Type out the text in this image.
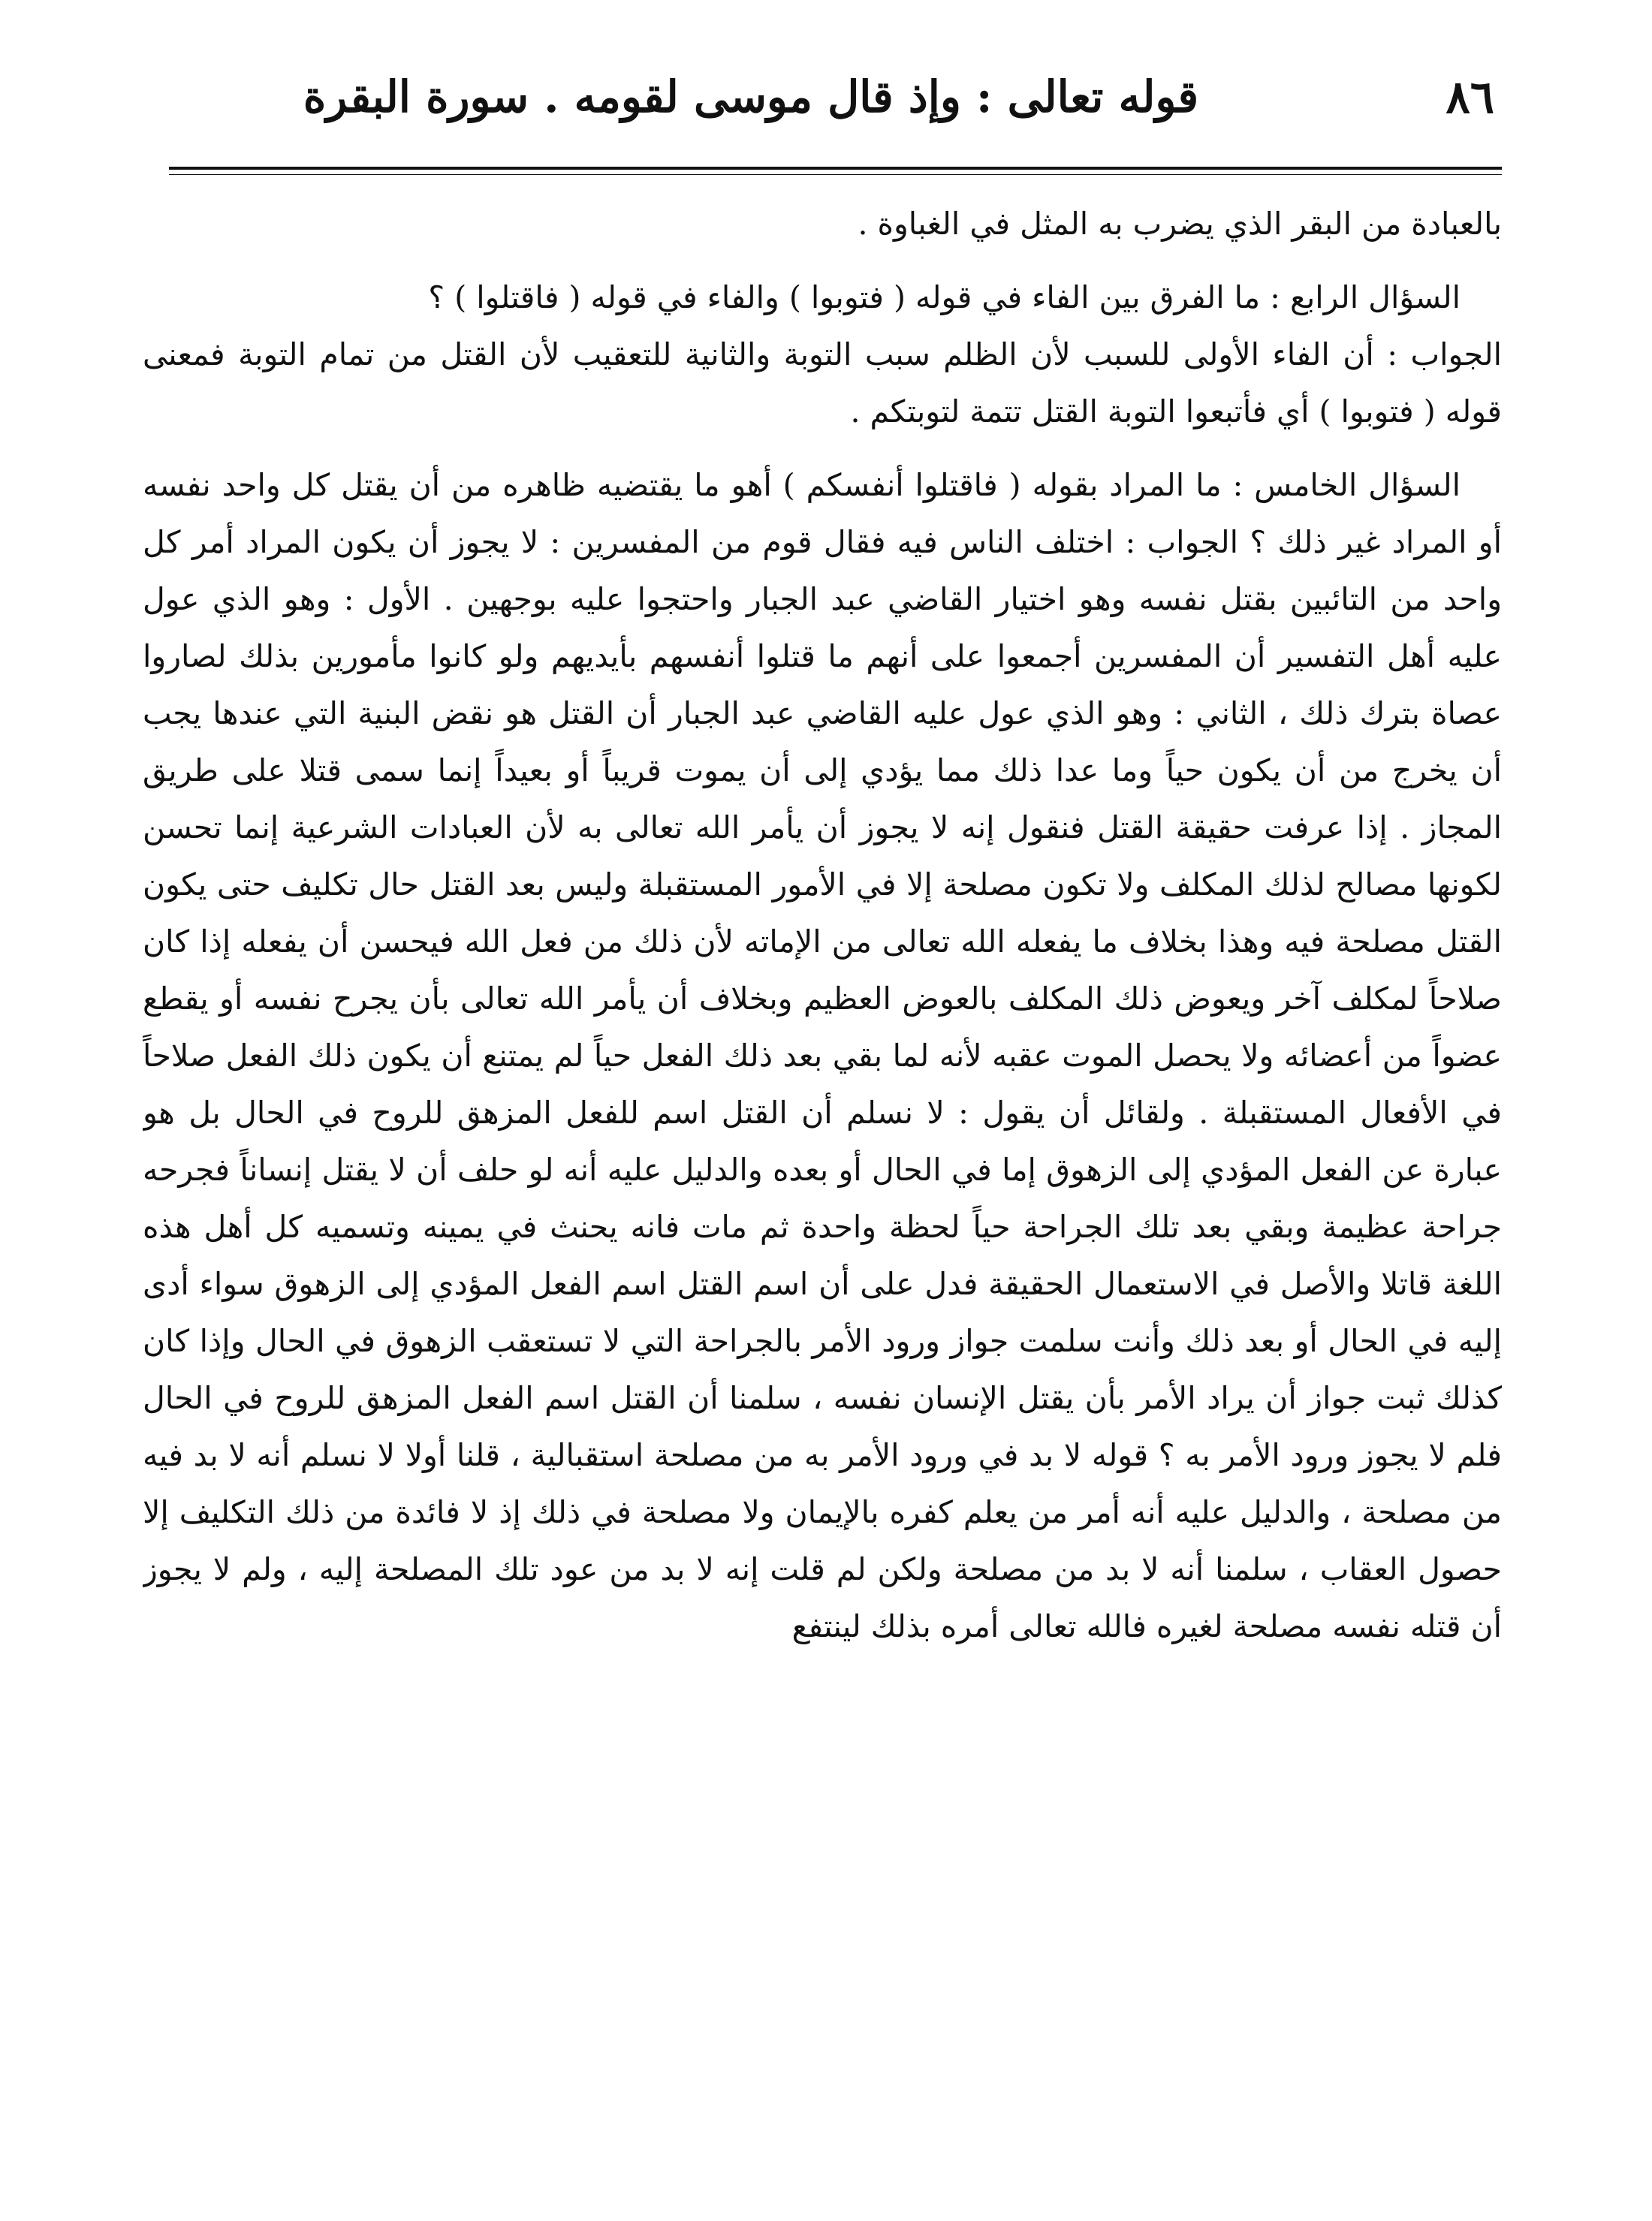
٨٦
قوله تعالى : وإذ قال موسى لقومه . سورة البقرة

بالعبادة من البقر الذي يضرب به المثل في الغباوة .

السؤال الرابع : ما الفرق بين الفاء في قوله ( فتوبوا ) والفاء في قوله ( فاقتلوا ) ؟

الجواب : أن الفاء الأولى للسبب لأن الظلم سبب التوبة والثانية للتعقيب لأن القتل من تمام التوبة فمعنى قوله ( فتوبوا ) أي فأتبعوا التوبة القتل تتمة لتوبتكم .

السؤال الخامس : ما المراد بقوله ( فاقتلوا أنفسكم ) أهو ما يقتضيه ظاهره من أن يقتل كل واحد نفسه أو المراد غير ذلك ؟ الجواب : اختلف الناس فيه فقال قوم من المفسرين : لا يجوز أن يكون المراد أمر كل واحد من التائبين بقتل نفسه وهو اختيار القاضي عبد الجبار واحتجوا عليه بوجهين . الأول : وهو الذي عول عليه أهل التفسير أن المفسرين أجمعوا على أنهم ما قتلوا أنفسهم بأيديهم ولو كانوا مأمورين بذلك لصاروا عصاة بترك ذلك ، الثاني : وهو الذي عول عليه القاضي عبد الجبار أن القتل هو نقض البنية التي عندها يجب أن يخرج من أن يكون حياً وما عدا ذلك مما يؤدي إلى أن يموت قريباً أو بعيداً إنما سمى قتلا على طريق المجاز . إذا عرفت حقيقة القتل فنقول إنه لا يجوز أن يأمر الله تعالى به لأن العبادات الشرعية إنما تحسن لكونها مصالح لذلك المكلف ولا تكون مصلحة إلا في الأمور المستقبلة وليس بعد القتل حال تكليف حتى يكون القتل مصلحة فيه وهذا بخلاف ما يفعله الله تعالى من الإماته لأن ذلك من فعل الله فيحسن أن يفعله إذا كان صلاحاً لمكلف آخر ويعوض ذلك المكلف بالعوض العظيم وبخلاف أن يأمر الله تعالى بأن يجرح نفسه أو يقطع عضواً من أعضائه ولا يحصل الموت عقبه لأنه لما بقي بعد ذلك الفعل حياً لم يمتنع أن يكون ذلك الفعل صلاحاً في الأفعال المستقبلة . ولقائل أن يقول : لا نسلم أن القتل اسم للفعل المزهق للروح في الحال بل هو عبارة عن الفعل المؤدي إلى الزهوق إما في الحال أو بعده والدليل عليه أنه لو حلف أن لا يقتل إنساناً فجرحه جراحة عظيمة وبقي بعد تلك الجراحة حياً لحظة واحدة ثم مات فانه يحنث في يمينه وتسميه كل أهل هذه اللغة قاتلا والأصل في الاستعمال الحقيقة فدل على أن اسم القتل اسم الفعل المؤدي إلى الزهوق سواء أدى إليه في الحال أو بعد ذلك وأنت سلمت جواز ورود الأمر بالجراحة التي لا تستعقب الزهوق في الحال وإذا كان كذلك ثبت جواز أن يراد الأمر بأن يقتل الإنسان نفسه ، سلمنا أن القتل اسم الفعل المزهق للروح في الحال فلم لا يجوز ورود الأمر به ؟ قوله لا بد في ورود الأمر به من مصلحة استقبالية ، قلنا أولا لا نسلم أنه لا بد فيه من مصلحة ، والدليل عليه أنه أمر من يعلم كفره بالإيمان ولا مصلحة في ذلك إذ لا فائدة من ذلك التكليف إلا حصول العقاب ، سلمنا أنه لا بد من مصلحة ولكن لم قلت إنه لا بد من عود تلك المصلحة إليه ، ولم لا يجوز أن قتله نفسه مصلحة لغيره فالله تعالى أمره بذلك لينتفع
